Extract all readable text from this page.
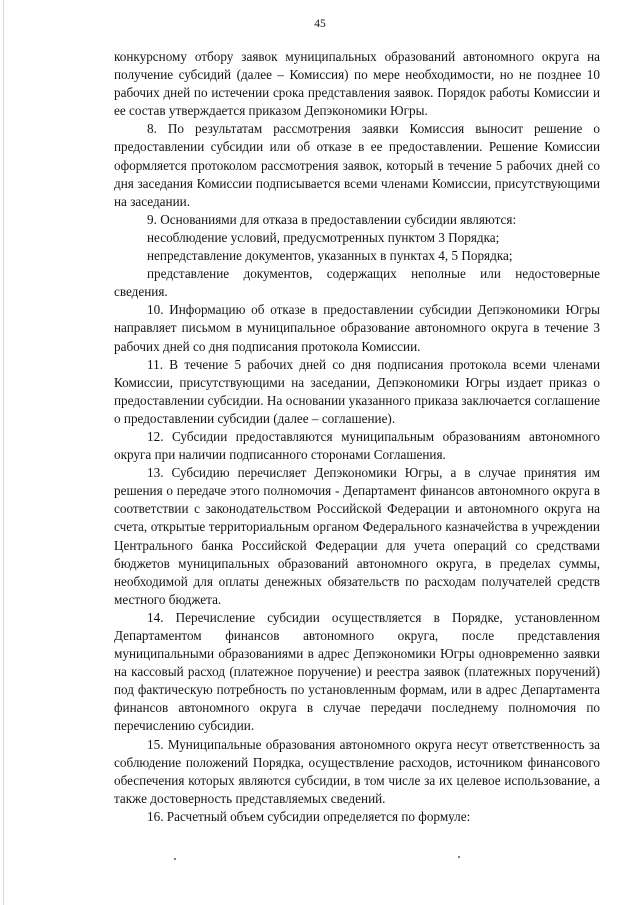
45

конкурсному отбору заявок муниципальных образований автономного округа на получение субсидий (далее – Комиссия) по мере необходимости, но не позднее 10 рабочих дней по истечении срока представления заявок. Порядок работы Комиссии и ее состав утверждается приказом Депэкономики Югры.

8. По результатам рассмотрения заявки Комиссия выносит решение о предоставлении субсидии или об отказе в ее предоставлении. Решение Комиссии оформляется протоколом рассмотрения заявок, который в течение 5 рабочих дней со дня заседания Комиссии подписывается всеми членами Комиссии, присутствующими на заседании.

9. Основаниями для отказа в предоставлении субсидии являются:

несоблюдение условий, предусмотренных пунктом 3 Порядка;

непредставление документов, указанных в пунктах 4, 5 Порядка;

представление документов, содержащих неполные или недостоверные сведения.

10. Информацию об отказе в предоставлении субсидии Депэкономики Югры направляет письмом в муниципальное образование автономного округа в течение 3 рабочих дней со дня подписания протокола Комиссии.

11. В течение 5 рабочих дней со дня подписания протокола всеми членами Комиссии, присутствующими на заседании, Депэкономики Югры издает приказ о предоставлении субсидии. На основании указанного приказа заключается соглашение о предоставлении субсидии (далее – соглашение).

12. Субсидии предоставляются муниципальным образованиям автономного округа при наличии подписанного сторонами Соглашения.

13. Субсидию перечисляет Депэкономики Югры, а в случае принятия им решения о передаче этого полномочия - Департамент финансов автономного округа в соответствии с законодательством Российской Федерации и автономного округа на счета, открытые территориальным органом Федерального казначейства в учреждении Центрального банка Российской Федерации для учета операций со средствами бюджетов муниципальных образований автономного округа, в пределах суммы, необходимой для оплаты денежных обязательств по расходам получателей средств местного бюджета.

14. Перечисление субсидии осуществляется в Порядке, установленном Департаментом финансов автономного округа, после представления муниципальными образованиями в адрес Депэкономики Югры одновременно заявки на кассовый расход (платежное поручение) и реестра заявок (платежных поручений) под фактическую потребность по установленным формам, или в адрес Департамента финансов автономного округа в случае передачи последнему полномочия по перечислению субсидии.

15. Муниципальные образования автономного округа несут ответственность за соблюдение положений Порядка, осуществление расходов, источником финансового обеспечения которых являются субсидии, в том числе за их целевое использование, а также достоверность представляемых сведений.

16. Расчетный объем субсидии определяется по формуле:
